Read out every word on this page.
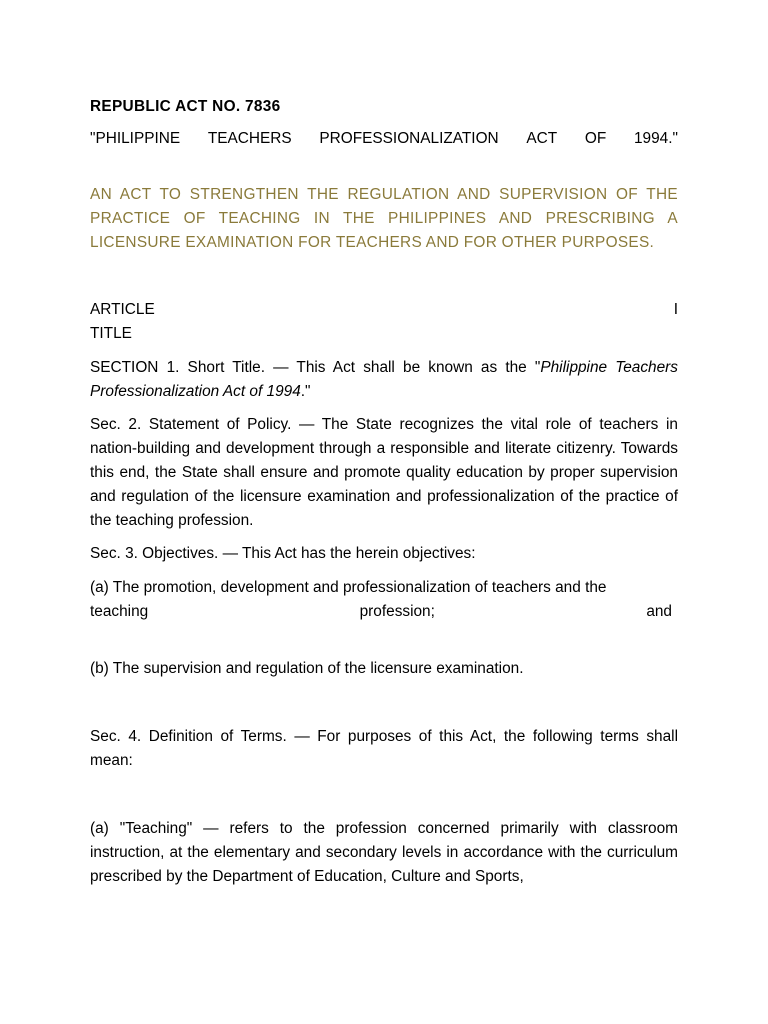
REPUBLIC ACT NO. 7836
"PHILIPPINE TEACHERS PROFESSIONALIZATION ACT OF 1994."
AN ACT TO STRENGTHEN THE REGULATION AND SUPERVISION OF THE PRACTICE OF TEACHING IN THE PHILIPPINES AND PRESCRIBING A LICENSURE EXAMINATION FOR TEACHERS AND FOR OTHER PURPOSES.
ARTICLE	I
TITLE
SECTION 1. Short Title. — This Act shall be known as the "Philippine Teachers Professionalization Act of 1994."
Sec. 2. Statement of Policy. — The State recognizes the vital role of teachers in nation-building and development through a responsible and literate citizenry. Towards this end, the State shall ensure and promote quality education by proper supervision and regulation of the licensure examination and professionalization of the practice of the teaching profession.
Sec. 3. Objectives. — This Act has the herein objectives:
(a) The promotion, development and professionalization of teachers and the
teaching	profession;	and
(b) The supervision and regulation of the licensure examination.
Sec. 4. Definition of Terms. — For purposes of this Act, the following terms shall mean:
(a) "Teaching" — refers to the profession concerned primarily with classroom instruction, at the elementary and secondary levels in accordance with the curriculum prescribed by the Department of Education, Culture and Sports,
